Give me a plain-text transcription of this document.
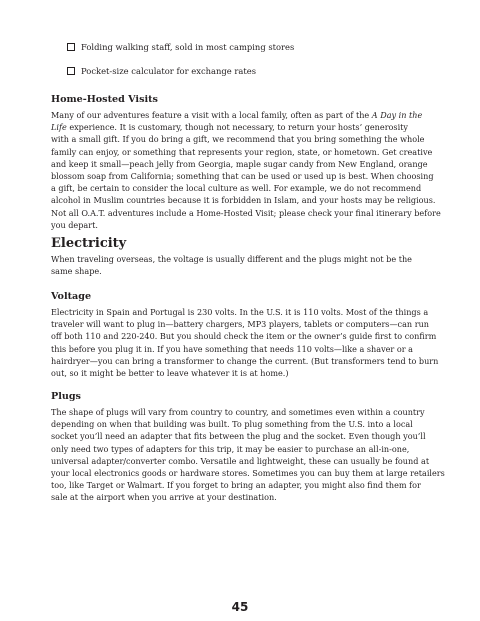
Folding walking staff, sold in most camping stores
Pocket-size calculator for exchange rates
Home-Hosted Visits
Many of our adventures feature a visit with a local family, often as part of the A Day in the
Life experience. It is customary, though not necessary, to return your hosts’ generosity
with a small gift. If you do bring a gift, we recommend that you bring something the whole
family can enjoy, or something that represents your region, state, or hometown. Get creative
and keep it small—peach jelly from Georgia, maple sugar candy from New England, orange
blossom soap from California; something that can be used or used up is best. When choosing
a gift, be certain to consider the local culture as well. For example, we do not recommend
alcohol in Muslim countries because it is forbidden in Islam, and your hosts may be religious.
Not all O.A.T. adventures include a Home-Hosted Visit; please check your final itinerary before
you depart.
Electricity
When traveling overseas, the voltage is usually different and the plugs might not be the
same shape.
Voltage
Electricity in Spain and Portugal is 230 volts. In the U.S. it is 110 volts. Most of the things a
traveler will want to plug in—battery chargers, MP3 players, tablets or computers—can run
off both 110 and 220-240. But you should check the item or the owner’s guide first to confirm
this before you plug it in. If you have something that needs 110 volts—like a shaver or a
hairdryer—you can bring a transformer to change the current. (But transformers tend to burn
out, so it might be better to leave whatever it is at home.)
Plugs
The shape of plugs will vary from country to country, and sometimes even within a country
depending on when that building was built. To plug something from the U.S. into a local
socket you’ll need an adapter that fits between the plug and the socket. Even though you’ll
only need two types of adapters for this trip, it may be easier to purchase an all-in-one,
universal adapter/converter combo. Versatile and lightweight, these can usually be found at
your local electronics goods or hardware stores. Sometimes you can buy them at large retailers
too, like Target or Walmart. If you forget to bring an adapter, you might also find them for
sale at the airport when you arrive at your destination.
45
